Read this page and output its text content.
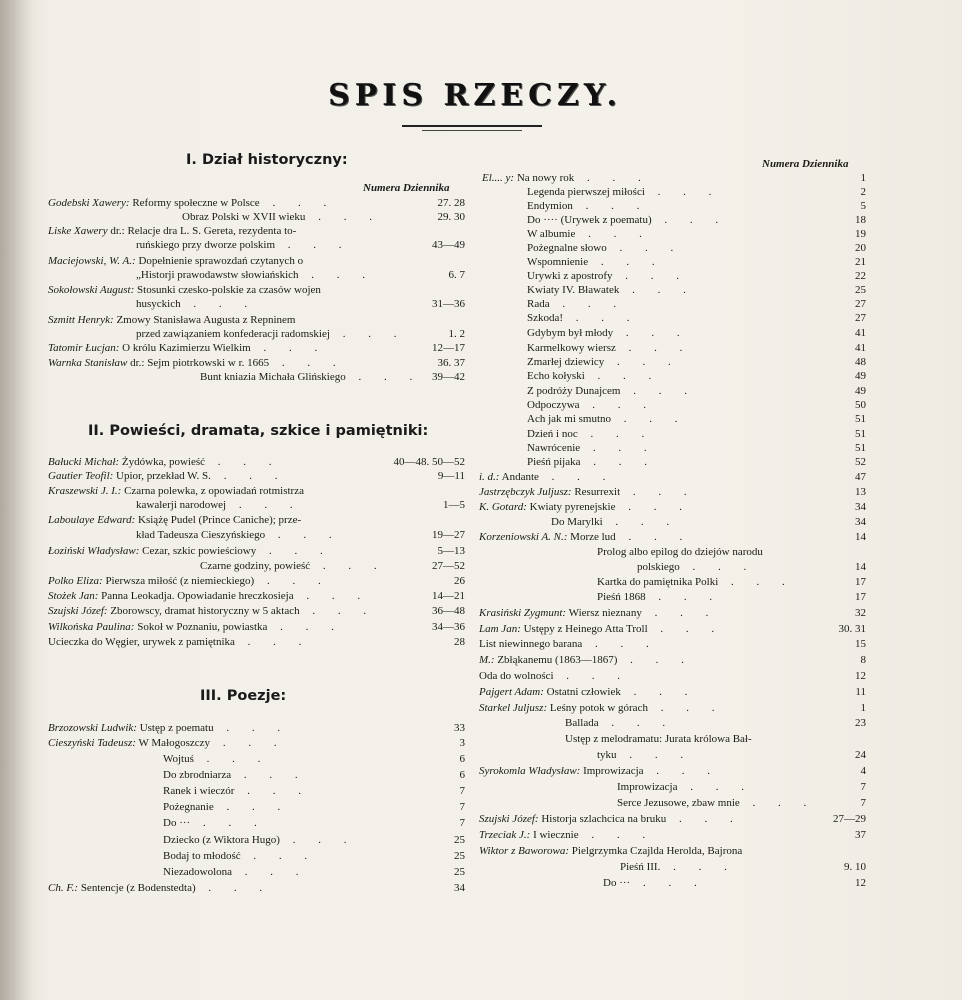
SPIS RZECZY.
I. Dział historyczny:
Numera Dziennika
II. Powieści, dramata, szkice i pamiętniki:
III. Poezje:
Numera Dziennika
Godebski Xawery: Reformy społeczne w Polsce . . .	27. 28
Obraz Polski w XVII wieku . . .	29. 30
Liske Xawery dr.: Relacje dra L. S. Gereta, rezydenta to-
ruńskiego przy dworze polskim . . .	43—49
Maciejowski, W. A.: Dopełnienie sprawozdań czytanych o
„Historji prawodawstw słowiańskich . . .	6. 7
Sokołowski August: Stosunki czesko-polskie za czasów wojen
husyckich . . .	31—36
Szmitt Henryk: Zmowy Stanisława Augusta z Repninem
przed zawiązaniem konfederacji radomskiej . . .	1. 2
Tatomir Łucjan: O królu Kazimierzu Wielkim . . .	12—17
Warnka Stanisław dr.: Sejm piotrkowski w r. 1665 . . .	36. 37
Bunt kniazia Michała Glińskiego . . . 39—42
Bałucki Michał: Żydówka, powieść . . .	40—48. 50—52
Gautier Teofil: Upior, przekład W. S. . . .	9—11
Kraszewski J. I.: Czarna polewka, z opowiadań rotmistrza
kawalerji narodowej . . .	1—5
Laboulaye Edward: Książę Pudel (Prince Caniche); prze-
kład Tadeusza Cieszyńskiego . . .	19—27
Łoziński Władysław: Cezar, szkic powieściowy . . .	5—13
Czarne godziny, powieść . . .	27—52
Polko Eliza: Pierwsza miłość (z niemieckiego) . . .	26
Stożek Jan: Panna Leokadja. Opowiadanie hreczkosieja . . .	14—21
Szujski Józef: Zborowscy, dramat historyczny w 5 aktach . . .	36—48
Wilkońska Paulina: Sokoł w Poznaniu, powiastka . . .	34—36
Ucieczka do Węgier, urywek z pamiętnika . . .	28
Brzozowski Ludwik: Ustęp z poematu . . .	33
Cieszyński Tadeusz: W Małogoszczy . . .	3
Wojtuś . . .	6
Do zbrodniarza . . .	6
Ranek i wieczór . . .	7
Pożegnanie . . .	7
Do ··· . . .	7
Dziecko (z Wiktora Hugo) . . .	25
Bodaj to młodość . . .	25
Niezadowolona . . .	25
Ch. F.: Sentencje (z Bodenstedta) . . .	34
El.... y: Na nowy rok . . .	1
Legenda pierwszej miłości . . .	2
Endymion . . .	5
Do ···· (Urywek z poematu) . . .	18
W albumie . . .	19
Pożegnalne słowo . . .	20
Wspomnienie . . .	21
Urywki z apostrofy . . .	22
Kwiaty IV. Bławatek . . .	25
Rada . . .	27
Szkoda! . . .	27
Gdybym był młody . . .	41
Karmelkowy wiersz . . .	41
Zmarłej dziewicy . . .	48
Echo kołyski . . .	49
Z podróży Dunajcem . . .	49
Odpoczywa . . .	50
Ach jak mi smutno . . .	51
Dzień i noc . . .	51
Nawrócenie . . .	51
Pieśń pijaka . . .	52
i. d.: Andante . . .	47
Jastrzębczyk Juljusz: Resurrexit . . .	13
K. Gotard: Kwiaty pyrenejskie . . .	34
Do Marylki . . .	34
Korzeniowski A. N.: Morze lud . . .	14
Prolog albo epilog do dziejów narodu
polskiego . . .	14
Kartka do pamiętnika Polki . . .	17
Pieśń 1868 . . .	17
Krasiński Zygmunt: Wiersz nieznany . . .	32
Lam Jan: Ustępy z Heinego Atta Troll . . .	30. 31
List niewinnego barana . . .	15
M.: Zbłąkanemu (1863—1867) . . .	8
Oda do wolności . . .	12
Pajgert Adam: Ostatni człowiek . . .	11
Starkel Juljusz: Leśny potok w górach . . .	1
Ballada . . .	23
Ustęp z melodramatu: Jurata królowa Bał-
tyku . . .	24
Syrokomla Władysław: Improwizacja . . .	4
Improwizacja . . .	7
Serce Jezusowe, zbaw mnie . . .	7
Szujski Józef: Historja szlachcica na bruku . . .	27—29
Trzeciak J.: I wiecznie . . .	37
Wiktor z Baworowa: Pielgrzymka Czajlda Herolda, Bajrona
Pieśń III. . . .	9. 10
Do ··· . . .	12
